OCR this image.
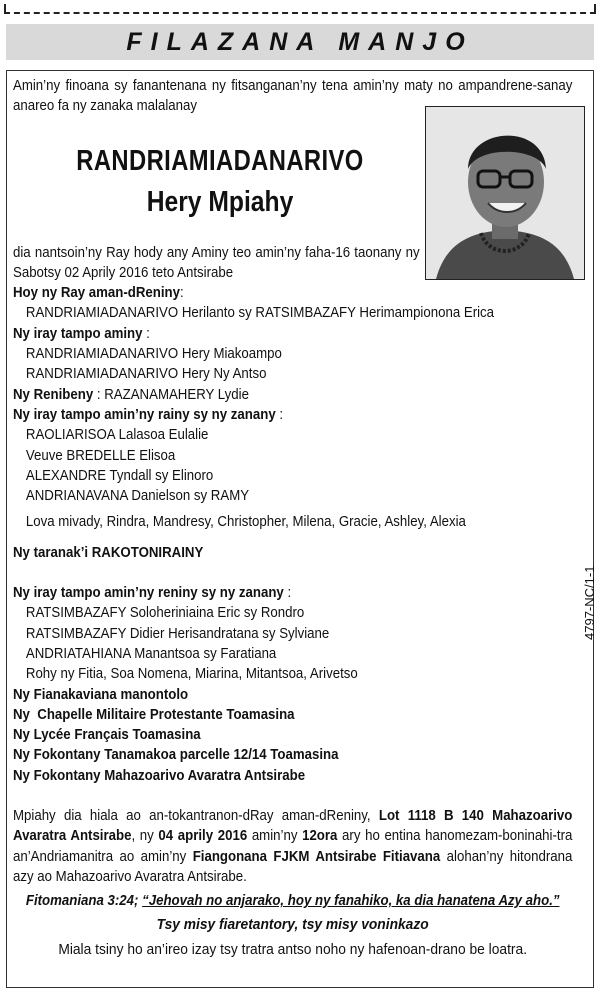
FILAZANA MANJO
RANDRIAMIADANARIVO
Hery Mpiahy

Amin’ny finoana sy fanantenana ny fitsanganan’ny tena amin’ny maty no ampandrene-sanay anareo fa ny zanaka malalanay

dia nantsoin’ny Ray hody any Aminy teo amin’ny faha-16 taonany ny Sabotsy 02 Aprily 2016 teto Antsirabe

Hoy ny Ray aman-dReniny:

RANDRIAMIADANARIVO Herilanto sy RATSIMBAZAFY Herimampionona Erica

Ny iray tampo aminy :

RANDRIAMIADANARIVO Hery Miakoampo

RANDRIAMIADANARIVO Hery Ny Antso

Ny Renibeny : RAZANAMAHERY Lydie

Ny iray tampo amin’ny rainy sy ny zanany :

RAOLIARISOA Lalasoa Eulalie

Veuve BREDELLE Elisoa

ALEXANDRE Tyndall sy Elinoro

ANDRIANAVANA Danielson sy RAMY

Lova mivady, Rindra, Mandresy, Christopher, Milena, Gracie, Ashley, Alexia

Ny taranak’i RAKOTONIRAINY

Ny iray tampo amin’ny reniny sy ny zanany :

RATSIMBAZAFY Soloheriniaina Eric sy Rondro

RATSIMBAZAFY Didier Herisandratana sy Sylviane

ANDRIATAHIANA Manantsoa sy Faratiana

Rohy ny Fitia, Soa Nomena, Miarina, Mitantsoa, Arivetso

Ny Fianakaviana manontolo

Ny  Chapelle Militaire Protestante Toamasina

Ny Lycée Français Toamasina

Ny Fokontany Tanamakoa parcelle 12/14 Toamasina

Ny Fokontany Mahazoarivo Avaratra Antsirabe

Mpiahy dia hiala ao an-tokantranon-dRay aman-dReniny, Lot 1118 B 140 Mahazoarivo Avaratra Antsirabe, ny 04 aprily 2016 amin’ny 12ora ary ho entina hanomezam-boninahi-tra an’Andriamanitra ao amin’ny Fiangonana FJKM Antsirabe Fitiavana alohan’ny hitondrana azy ao Mahazoarivo Avaratra Antsirabe.

Fitomaniana 3:24; “Jehovah no anjarako, hoy ny fanahiko, ka dia hanatena Azy aho.”

Tsy misy fiaretantory, tsy misy voninkazo

Miala tsiny ho an’ireo izay tsy tratra antso noho ny hafenoan-drano be loatra.

4797-NC/1-1
